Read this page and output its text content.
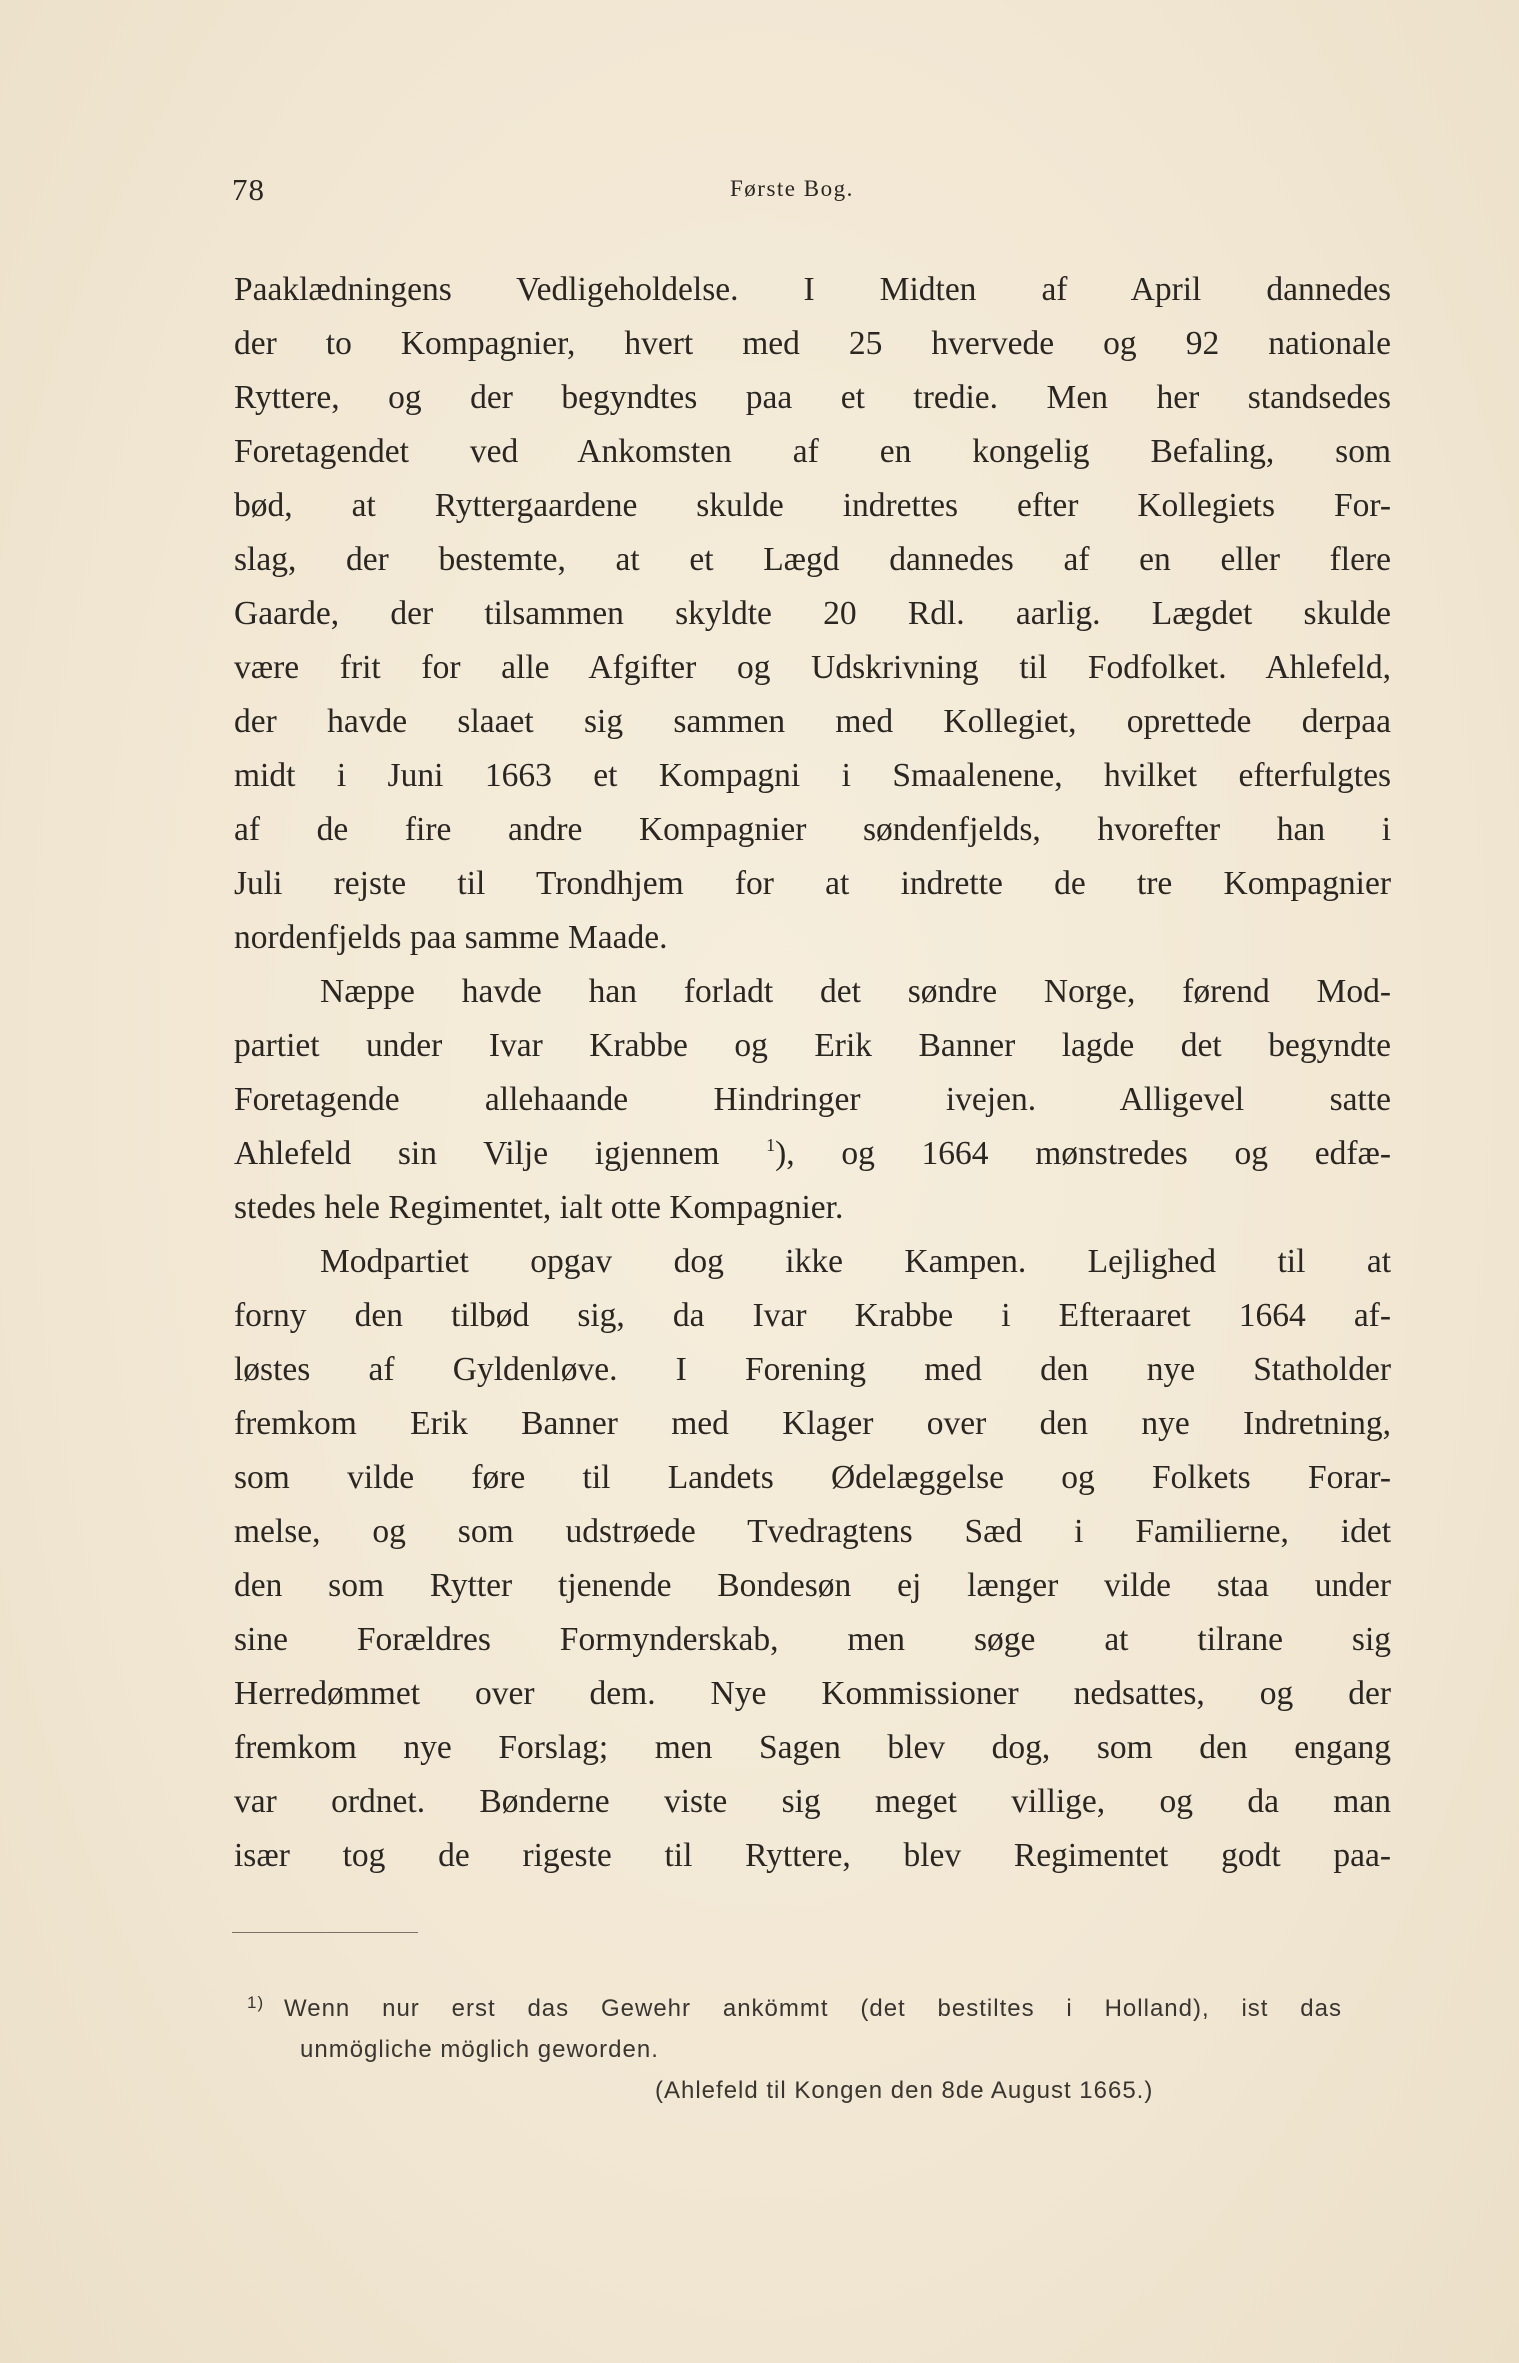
78	Første Bog.
Paaklædningens Vedligeholdelse. I Midten af April dannedes
der to Kompagnier, hvert med 25 hvervede og 92 nationale
Ryttere, og der begyndtes paa et tredie. Men her standsedes
Foretagendet ved Ankomsten af en kongelig Befaling, som
bød, at Ryttergaardene skulde indrettes efter Kollegiets For-
slag, der bestemte, at et Lægd dannedes af en eller flere
Gaarde, der tilsammen skyldte 20 Rdl. aarlig. Lægdet skulde
være frit for alle Afgifter og Udskrivning til Fodfolket. Ahlefeld,
der havde slaaet sig sammen med Kollegiet, oprettede derpaa
midt i Juni 1663 et Kompagni i Smaalenene, hvilket efterfulgtes
af de fire andre Kompagnier søndenfjelds, hvorefter han i
Juli rejste til Trondhjem for at indrette de tre Kompagnier
nordenfjelds paa samme Maade.
Næppe havde han forladt det søndre Norge, førend Mod-
partiet under Ivar Krabbe og Erik Banner lagde det begyndte
Foretagende allehaande Hindringer ivejen. Alligevel satte
Ahlefeld sin Vilje igjennem	$^1$), og 1664 mønstredes og edfæ-
stedes hele Regimentet, ialt otte Kompagnier.
Modpartiet opgav dog ikke Kampen. Lejlighed til at
forny den tilbød sig, da Ivar Krabbe i Efteraaret 1664 af-
løstes af Gyldenløve. I Forening med den nye Statholder
fremkom Erik Banner med Klager over den nye Indretning,
som vilde føre til Landets Ødelæggelse og Folkets Forar-
melse, og som udstrøede Tvedragtens Sæd i Familierne, idet
den som Rytter tjenende Bondesøn ej længer vilde staa under
sine Forældres Formynderskab, men søge at tilrane sig
Herredømmet over dem. Nye Kommissioner nedsattes, og der
fremkom nye Forslag; men Sagen blev dog, som den engang
var ordnet. Bønderne viste sig meget villige, og da man
især tog de rigeste til Ryttere, blev Regimentet godt paa-
1) Wenn nur erst das Gewehr ankömmt (det bestiltes i Holland), ist das
unmögliche möglich geworden.
(Ahlefeld til Kongen den 8de August 1665.)
